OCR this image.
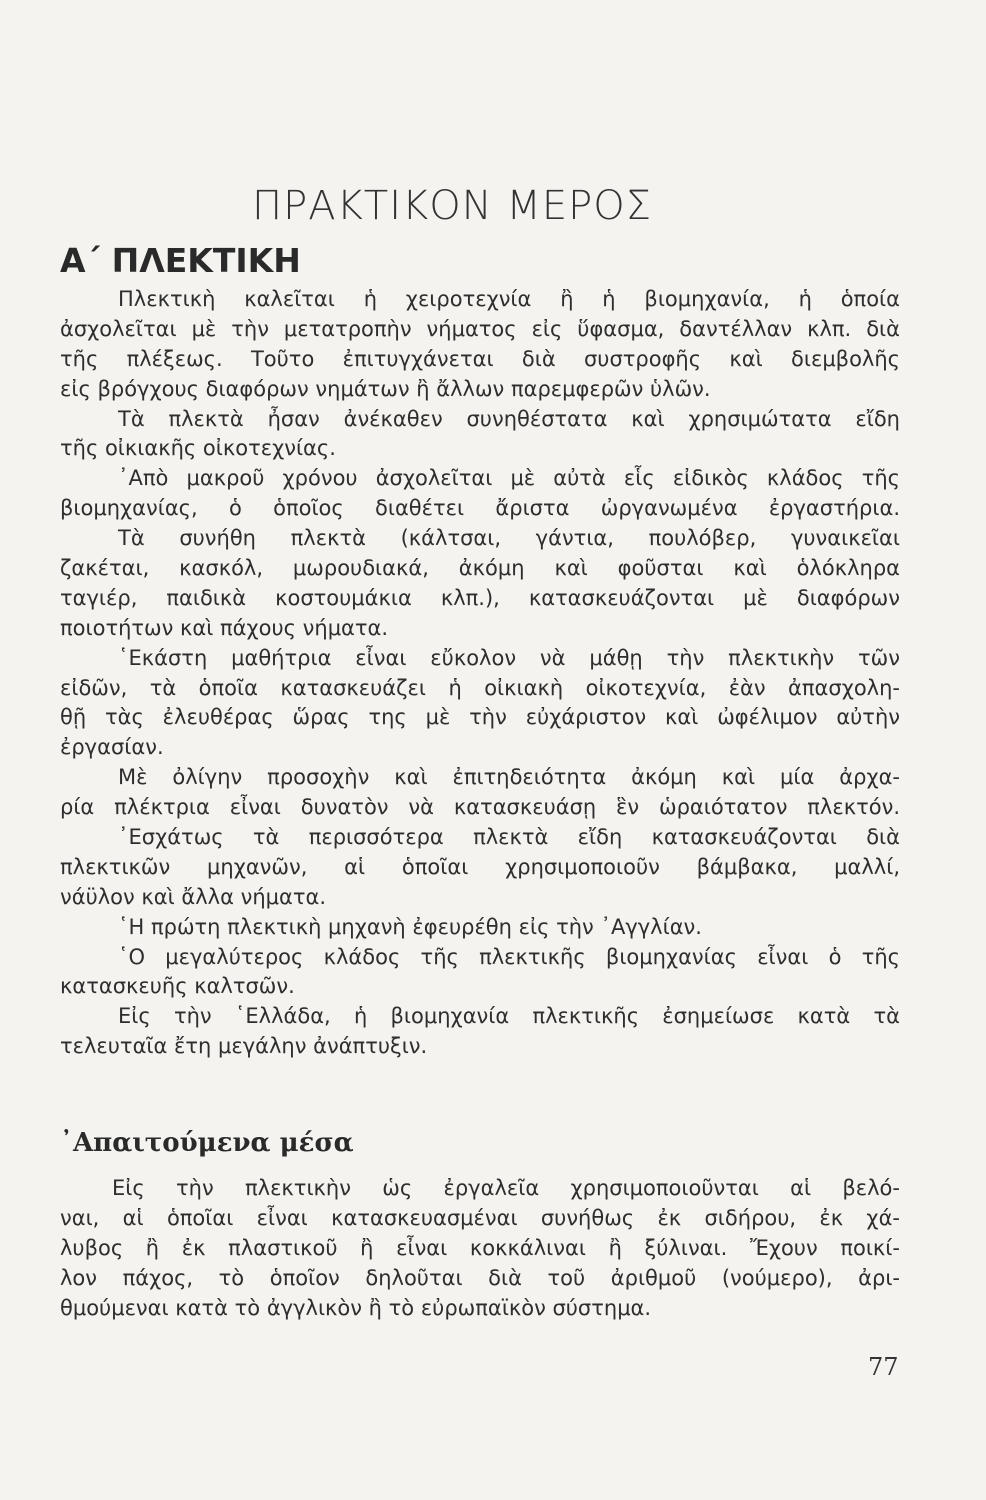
ΠΡΑΚΤΙΚΟΝ ΜΕΡΟΣ
Α΄ ΠΛΕΚΤΙΚΗ
Πλεκτικὴ καλεῖται ἡ χειροτεχνία ἢ ἡ βιομηχανία, ἡ ὁποία
ἀσχολεῖται μὲ τὴν μετατροπὴν νήματος εἰς ὕφασμα, δαντέλλαν κλπ. διὰ
τῆς πλέξεως. Τοῦτο ἐπιτυγχάνεται διὰ συστροφῆς καὶ διεμβολῆς
εἰς βρόγχους διαφόρων νημάτων ἢ ἄλλων παρεμφερῶν ὑλῶν.
Τὰ πλεκτὰ ἦσαν ἀνέκαθεν συνηθέστατα καὶ χρησιμώτατα εἴδη
τῆς οἰκιακῆς οἰκοτεχνίας.
᾿Απὸ μακροῦ χρόνου ἀσχολεῖται μὲ αὐτὰ εἷς εἰδικὸς κλάδος τῆς
βιομηχανίας, ὁ ὁποῖος διαθέτει ἄριστα ὠργανωμένα ἐργαστήρια.
Τὰ συνήθη πλεκτὰ (κάλτσαι, γάντια, πουλόβερ, γυναικεῖαι
ζακέται, κασκόλ, μωρουδιακά, ἀκόμη καὶ φοῦσται καὶ ὁλόκληρα
ταγιέρ, παιδικὰ κοστουμάκια κλπ.), κατασκευάζονται μὲ διαφόρων
ποιοτήτων καὶ πάχους νήματα.
῾Εκάστη μαθήτρια εἶναι εὔκολον νὰ μάθῃ τὴν πλεκτικὴν τῶν
εἰδῶν, τὰ ὁποῖα κατασκευάζει ἡ οἰκιακὴ οἰκοτεχνία, ἐὰν ἀπασχολη-
θῇ τὰς ἐλευθέρας ὥρας της μὲ τὴν εὐχάριστον καὶ ὠφέλιμον αὐτὴν
ἐργασίαν.
Μὲ ὀλίγην προσοχὴν καὶ ἐπιτηδειότητα ἀκόμη καὶ μία ἀρχα-
ρία πλέκτρια εἶναι δυνατὸν νὰ κατασκευάσῃ ἓν ὡραιότατον πλεκτόν.
᾿Εσχάτως τὰ περισσότερα πλεκτὰ εἴδη κατασκευάζονται διὰ
πλεκτικῶν μηχανῶν, αἱ ὁποῖαι χρησιμοποιοῦν βάμβακα, μαλλί,
νάϋλον καὶ ἄλλα νήματα.
῾Η πρώτη πλεκτικὴ μηχανὴ ἐφευρέθη εἰς τὴν ᾿Αγγλίαν.
῾Ο μεγαλύτερος κλάδος τῆς πλεκτικῆς βιομηχανίας εἶναι ὁ τῆς
κατασκευῆς καλτσῶν.
Εἰς τὴν ῾Ελλάδα, ἡ βιομηχανία πλεκτικῆς ἐσημείωσε κατὰ τὰ
τελευταῖα ἔτη μεγάλην ἀνάπτυξιν.
᾿Απαιτούμενα μέσα
Εἰς τὴν πλεκτικὴν ὡς ἐργαλεῖα χρησιμοποιοῦνται αἱ βελό-
ναι, αἱ ὁποῖαι εἶναι κατασκευασμέναι συνήθως ἐκ σιδήρου, ἐκ χά-
λυβος ἢ ἐκ πλαστικοῦ ἢ εἶναι κοκκάλιναι ἢ ξύλιναι. Ἔχουν ποικί-
λον πάχος, τὸ ὁποῖον δηλοῦται διὰ τοῦ ἀριθμοῦ (νούμερο), ἀρι-
θμούμεναι κατὰ τὸ ἀγγλικὸν ἢ τὸ εὐρωπαϊκὸν σύστημα.
77
